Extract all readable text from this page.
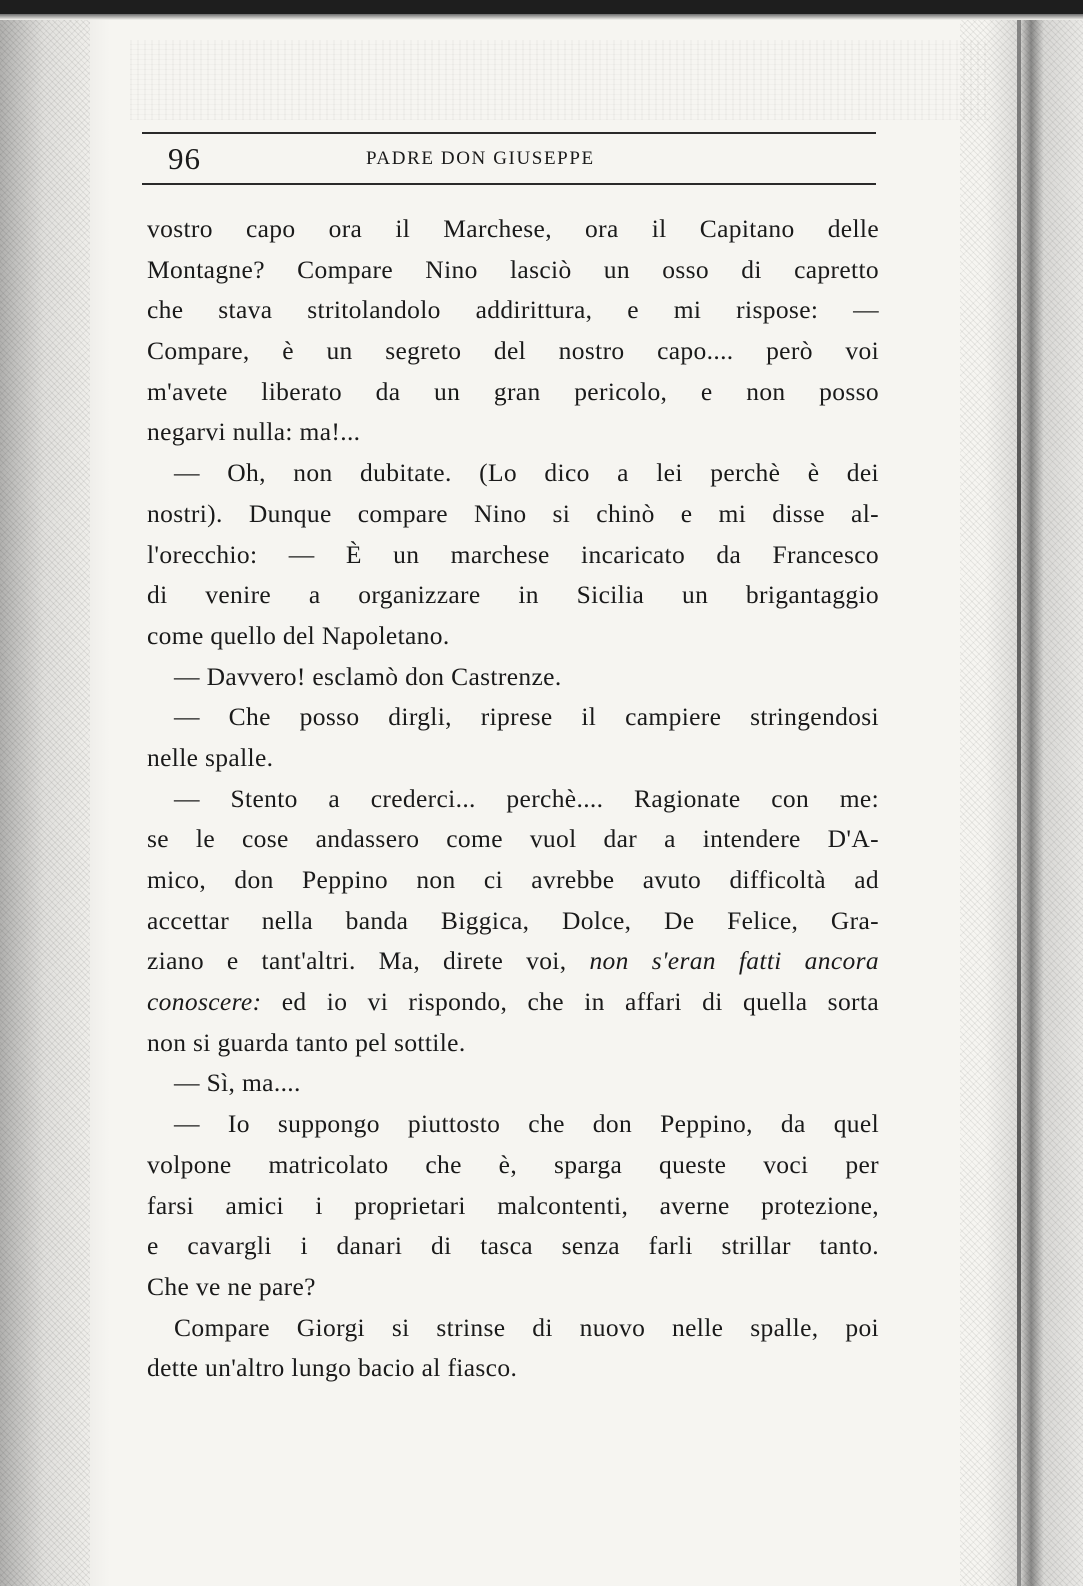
96	PADRE DON GIUSEPPE
vostro capo ora il Marchese, ora il Capitano delle
Montagne? Compare Nino lasciò un osso di capretto
che stava stritolandolo addirittura, e mi rispose: —
Compare, è un segreto del nostro capo.... però voi
m'avete liberato da un gran pericolo, e non posso
negarvi nulla: ma!...
— Oh, non dubitate. (Lo dico a lei perchè è dei
nostri). Dunque compare Nino si chinò e mi disse al-
l'orecchio: — È un marchese incaricato da Francesco
di venire a organizzare in Sicilia un brigantaggio
come quello del Napoletano.
— Davvero! esclamò don Castrenze.
— Che posso dirgli, riprese il campiere stringendosi
nelle spalle.
— Stento a crederci... perchè.... Ragionate con me:
se le cose andassero come vuol dar a intendere D'A-
mico, don Peppino non ci avrebbe avuto difficoltà ad
accettar nella banda Biggica, Dolce, De Felice, Gra-
ziano e tant'altri. Ma, direte voi, non s'eran fatti ancora
conoscere: ed io vi rispondo, che in affari di quella sorta
non si guarda tanto pel sottile.
— Sì, ma....
— Io suppongo piuttosto che don Peppino, da quel
volpone matricolato che è, sparga queste voci per
farsi amici i proprietari malcontenti, averne protezione,
e cavargli i danari di tasca senza farli strillar tanto.
Che ve ne pare?
Compare Giorgi si strinse di nuovo nelle spalle, poi
dette un'altro lungo bacio al fiasco.
